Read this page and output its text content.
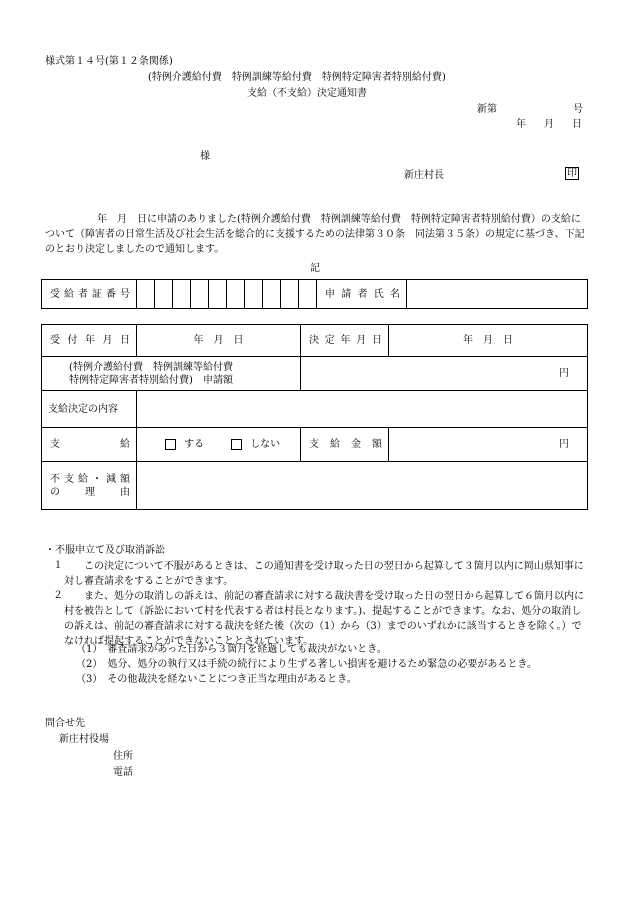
様式第１４号(第１２条関係)
(特例介護給付費　特例訓練等給付費　特例特定障害者特別給付費)
支給（不支給）決定通知書
新第	号
年 月 日
様
新庄村長	印
年　月　日に申請のありました(特例介護給付費　特例訓練等給付費　特例特定障害者特別給付費）の支給について（障害者の日常生活及び社会生活を総合的に支援するための法律第３０条　同法第３５条）の規定に基づき、下記のとおり決定しましたので通知します。
記
受給者証番号											申請者氏名

受付年月日	年　月　日	決定年月日	年　月　日

(特例介護給付費　特例訓練等給付費
特例特定障害者特別給付費)　申請額		円	
支給決定の内容			

支給	する しない	支給金額	円

不支給・減額
の理由			

・不服申立て及び取消訴訟
１	この決定について不服があるときは、この通知書を受け取った日の翌日から起算して３箇月以内に岡山県知事に対し審査請求をすることができます。
２	また、処分の取消しの訴えは、前記の審査請求に対する裁決書を受け取った日の翌日から起算して６箇月以内に村を被告として（訴訟において村を代表する者は村長となります。)、提起することができます。なお、処分の取消しの訴えは、前記の審査請求に対する裁決を経た後（次の（1）から（3）までのいずれかに該当するときを除く。）でなければ提起することができないこととされています。
（1）　審査請求があった日から３箇月を経過しても裁決がないとき。
（2）　処分、処分の執行又は手続の続行により生ずる著しい損害を避けるため緊急の必要があるとき。
（3）　その他裁決を経ないことにつき正当な理由があるとき。
問合せ先
新庄村役場
住所
電話
